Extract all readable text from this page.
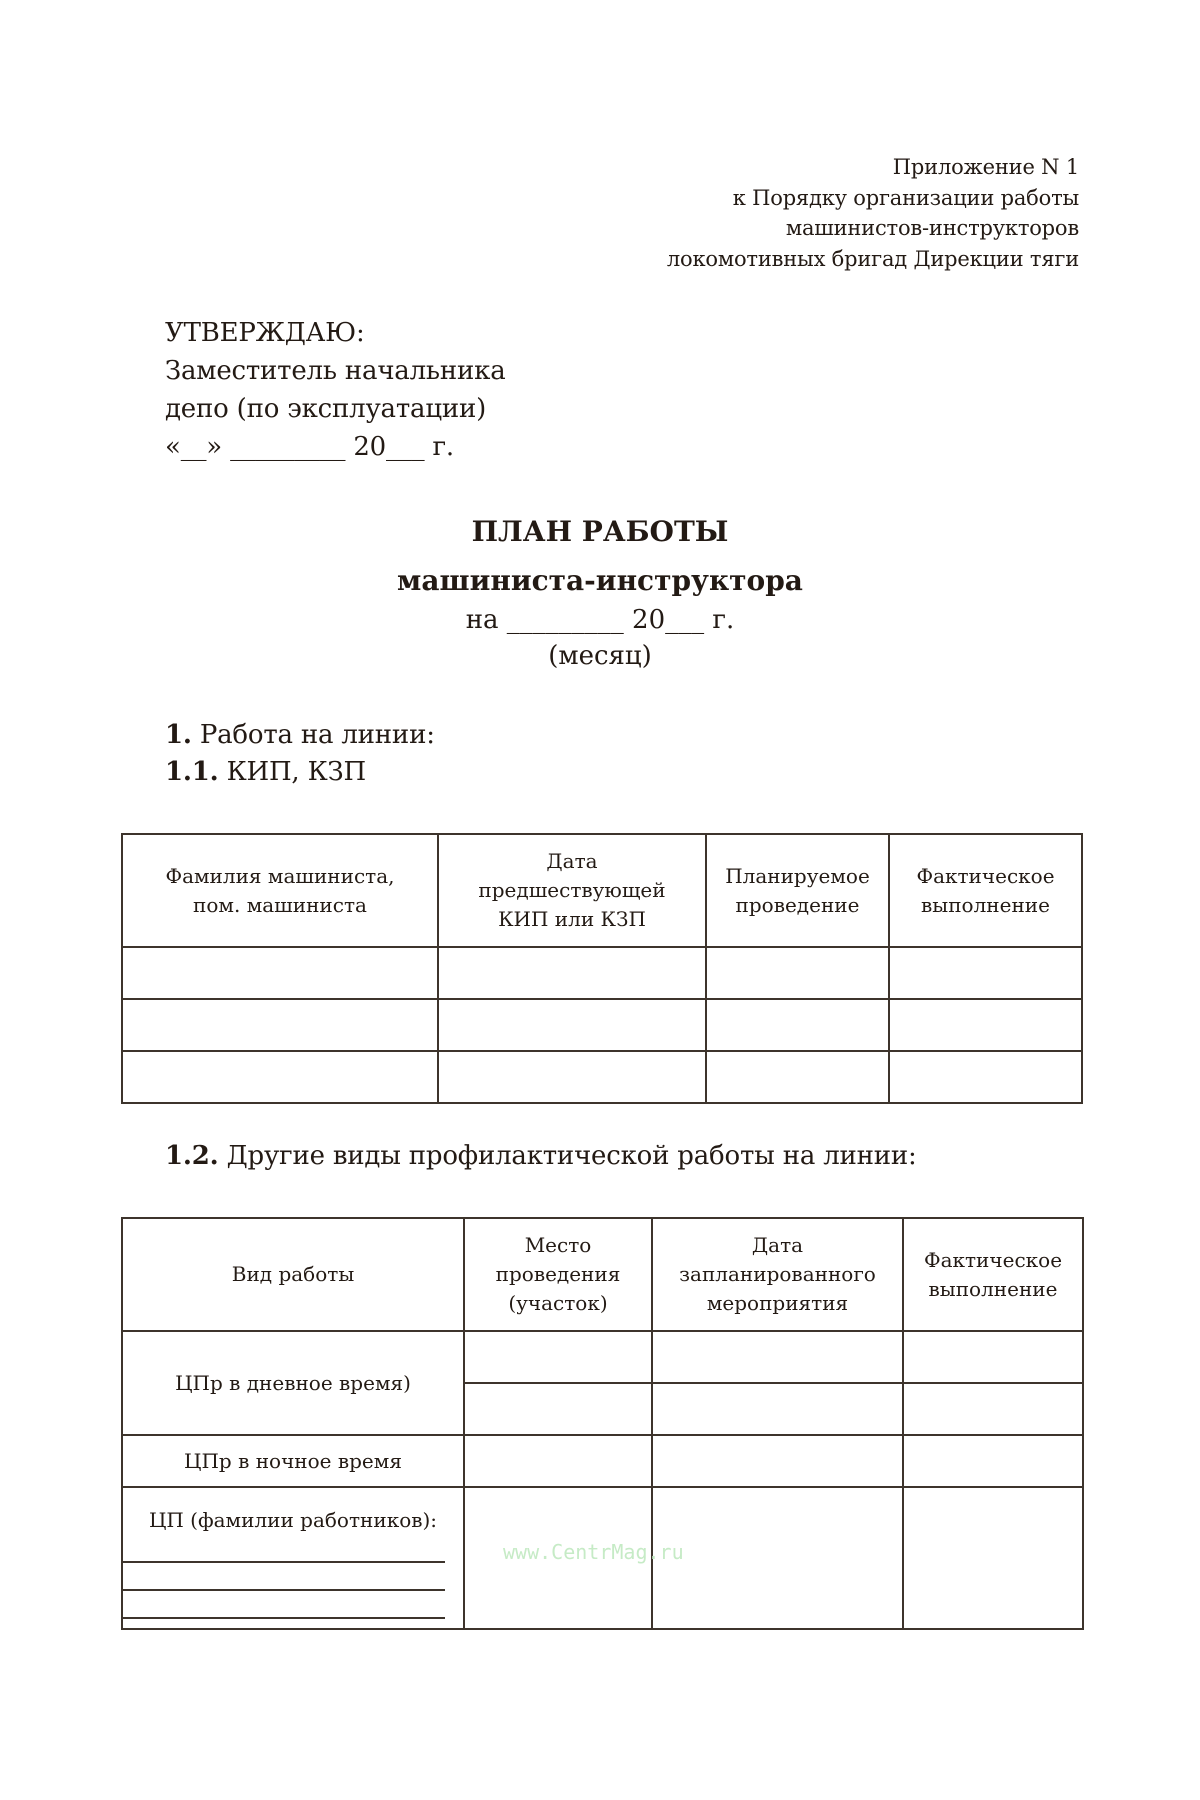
Приложение N 1
к Порядку организации работы
машинистов-инструкторов
локомотивных бригад Дирекции тяги
УТВЕРЖДАЮ:
Заместитель начальника
депо (по эксплуатации)
«__» _________ 20___ г.
ПЛАН РАБОТЫ
машиниста-инструктора
на _________ 20___ г.
(месяц)
1. Работа на линии:
1.1. КИП, КЗП
Фамилия машиниста, пом. машиниста	Дата предшествующей КИП или КЗП	Планируемое проведение	Фактическое выполнение

1.2. Другие виды профилактической работы на линии:
Вид работы	Место проведения (участок)	Дата запланированного мероприятия	Фактическое выполнение
ЦПр в дневное время)			

ЦПр в ночное время			
ЦП (фамилии работников):

www.CentrMag.ru
